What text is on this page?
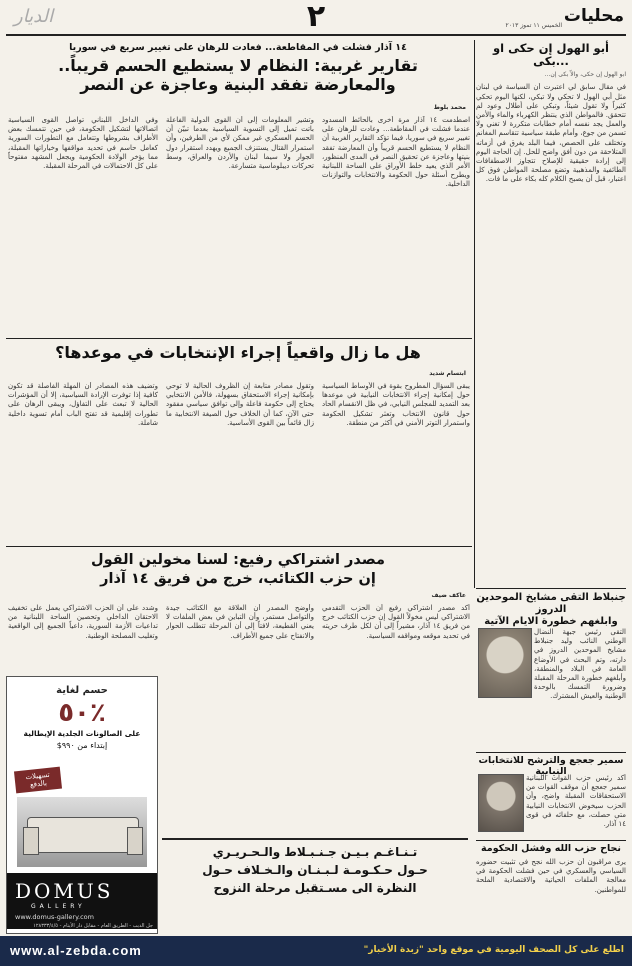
محليات
الخميس ١١ تموز ٢٠١٣
٢
الديار
أبو الهول إن حكى او ...بكى
ابو الهول إن حكى، والاّ بكى إن...
في مقال سابق لي اعتبرت أن السياسة في لبنان مثل أبي الهول لا تحكي ولا تبكي، لكنها اليوم تحكي كثيراً ولا تقول شيئاً، وتبكي على أطلال وعود لم تتحقق. فالمواطن الذي ينتظر الكهرباء والماء والأمن والعمل يجد نفسه أمام خطابات متكررة لا تغني ولا تسمن من جوع، وأمام طبقة سياسية تتقاسم المغانم وتختلف على الحصص، فيما البلد يغرق في أزماته المتلاحقة من دون أفق واضح للحل. إن الحاجة اليوم إلى إرادة حقيقية للإصلاح تتجاوز الاصطفافات الطائفية والمذهبية وتضع مصلحة المواطن فوق كل اعتبار، قبل أن يصبح الكلام كله بكاء على ما فات.
١٤ آذار فشلت في المقاطعة... فعادت للرهان على تغيير سريع في سوريا
تقارير غربية: النظام لا يستطيع الحسم قريباً..
والمعارضة تفقد البنية وعاجزة عن النصر
محمد بلوط
اصطدمت ١٤ آذار مرة أخرى بالحائط المسدود عندما فشلت في المقاطعة... وعادت للرهان على تغيير سريع في سوريا، فيما تؤكد التقارير الغربية أن النظام لا يستطيع الحسم قريباً وأن المعارضة تفقد بنيتها وعاجزة عن تحقيق النصر في المدى المنظور، الأمر الذي يعيد خلط الأوراق على الساحة اللبنانية ويطرح أسئلة حول الحكومة والانتخابات والتوازنات الداخلية.
وتشير المعلومات إلى أن القوى الدولية الفاعلة باتت تميل إلى التسوية السياسية بعدما تبيّن أن الحسم العسكري غير ممكن لأي من الطرفين، وأن استمرار القتال يستنزف الجميع ويهدد استقرار دول الجوار ولا سيما لبنان والأردن والعراق، وسط تحركات ديبلوماسية متسارعة.
وفي الداخل اللبناني تواصل القوى السياسية اتصالاتها لتشكيل الحكومة، في حين تتمسك بعض الأطراف بشروطها وتتعامل مع التطورات السورية كعامل حاسم في تحديد مواقفها وخياراتها المقبلة، مما يؤخر الولادة الحكومية ويجعل المشهد مفتوحاً على كل الاحتمالات في المرحلة المقبلة.
هل ما زال واقعياً إجراء الإنتخابات في موعدها؟
ابتسام شديد
يبقى السؤال المطروح بقوة في الأوساط السياسية حول إمكانية إجراء الانتخابات النيابية في موعدها بعد التمديد للمجلس النيابي، في ظل الانقسام الحاد حول قانون الانتخاب وتعثر تشكيل الحكومة واستمرار التوتر الأمني في أكثر من منطقة.
وتقول مصادر متابعة إن الظروف الحالية لا توحي بإمكانية إجراء الاستحقاق بسهولة، فالأمن الانتخابي يحتاج إلى حكومة فاعلة وإلى توافق سياسي مفقود حتى الآن، كما أن الخلاف حول الصيغة الانتخابية ما زال قائماً بين القوى الأساسية.
وتضيف هذه المصادر أن المهلة الفاصلة قد تكون كافية إذا توفرت الإرادة السياسية، إلا أن المؤشرات الحالية لا تبعث على التفاؤل، ويبقى الرهان على تطورات إقليمية قد تفتح الباب أمام تسوية داخلية شاملة.
مصدر اشتراكي رفيع: لسنا مخولين القول
إن حزب الكتائب، خرج من فريق ١٤ آذار
عاكف ضيف
أكد مصدر اشتراكي رفيع أن الحزب التقدمي الاشتراكي ليس مخولاً القول إن حزب الكتائب خرج من فريق ١٤ آذار، مشيراً إلى أن لكل طرف حريته في تحديد موقعه ومواقفه السياسية.
وأوضح المصدر أن العلاقة مع الكتائب جيدة والتواصل مستمر، وأن التباين في بعض الملفات لا يعني القطيعة، لافتاً إلى أن المرحلة تتطلب الحوار والانفتاح على جميع الأطراف.
وشدد على أن الحزب الاشتراكي يعمل على تخفيف الاحتقان الداخلي وتحصين الساحة اللبنانية من تداعيات الأزمة السورية، داعياً الجميع إلى الواقعية وتغليب المصلحة الوطنية.
جنبلاط التقى مشايخ الموحدين الدروز
وابلغهم خطورة الايام الآتية
التقى رئيس جبهة النضال الوطني النائب وليد جنبلاط مشايخ الموحدين الدروز في دارته، وتم البحث في الأوضاع العامة في البلاد والمنطقة، وأبلغهم خطورة المرحلة المقبلة وضرورة التمسك بالوحدة الوطنية والعيش المشترك.
سمير جعجع والترشح للانتخابات النيابية
أكد رئيس حزب القوات اللبنانية سمير جعجع أن موقف القوات من الاستحقاقات المقبلة واضح، وأن الحزب سيخوض الانتخابات النيابية متى حصلت، مع حلفائه في قوى ١٤ آذار.
نجاح حزب الله وفشل الحكومة
يرى مراقبون أن حزب الله نجح في تثبيت حضوره السياسي والعسكري في حين فشلت الحكومة في معالجة الملفات الحياتية والاقتصادية الملحة للمواطنين.
حسم لغاية
٪٥٠
على الصالونات الجلدية الإيطالية
إبتداء من ٩٩٠$
تسهيلات بالدفع
DOMUS
GALLERY
www.domus-gallery.com
جل الديب - الطريق العام - مقابل دار الأيتام - ١٢٨٣٣٣/٤/٥
تـنـاغـم بـيـن جـنـبـلاط والـحـريـري
حـول حـكـومـة لـبـنـان والـخـلاف حـول
النظرة الى مسـتقبل مرحلة النزوح
www.al-zebda.com	اطلع على كل الصحف اليومية في موقع واحد "زبدة الأخبار"
